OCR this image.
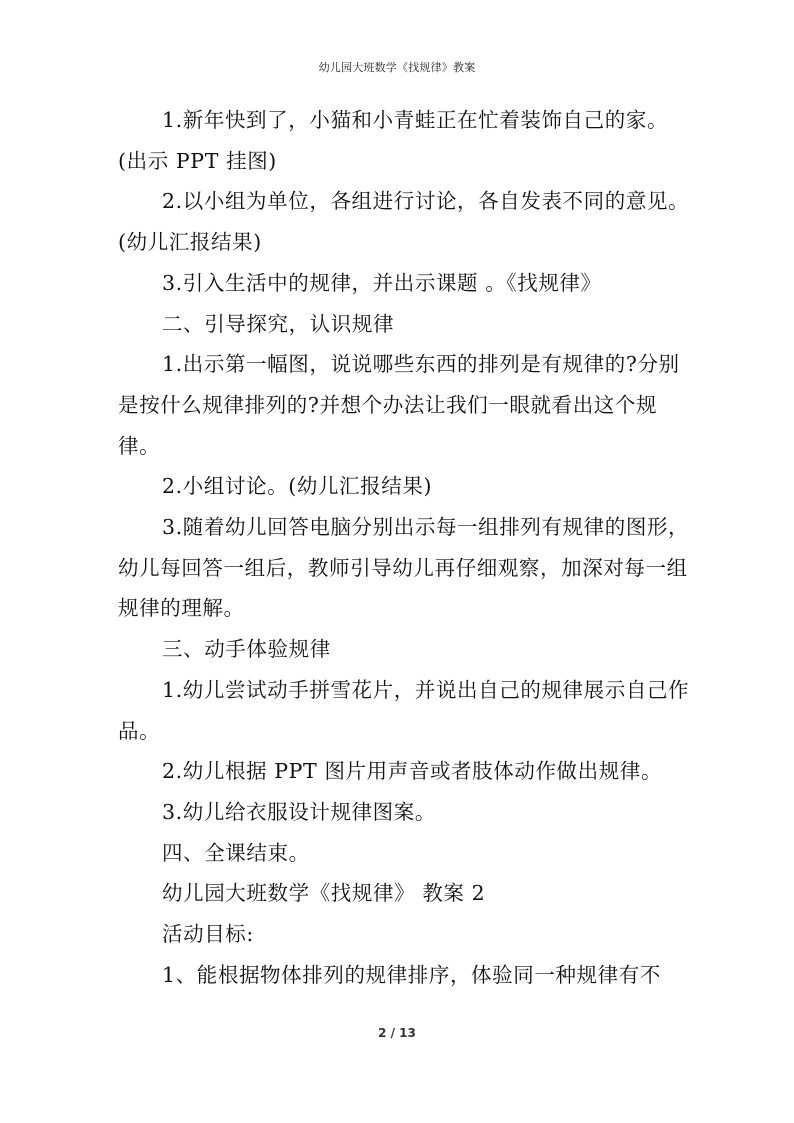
幼儿园大班数学《找规律》教案

1.新年快到了，小猫和小青蛙正在忙着装饰自己的家。(出示 PPT 挂图)

2.以小组为单位，各组进行讨论，各自发表不同的意见。(幼儿汇报结果)

3.引入生活中的规律，并出示课题 。《找规律》

二、引导探究，认识规律

1.出示第一幅图，说说哪些东西的排列是有规律的?分别是按什么规律排列的?并想个办法让我们一眼就看出这个规律。

2.小组讨论。(幼儿汇报结果)

3.随着幼儿回答电脑分别出示每一组排列有规律的图形，幼儿每回答一组后，教师引导幼儿再仔细观察，加深对每一组规律的理解。

三、动手体验规律

1.幼儿尝试动手拼雪花片，并说出自己的规律展示自己作品。

2.幼儿根据 PPT 图片用声音或者肢体动作做出规律。

3.幼儿给衣服设计规律图案。

四、全课结束。

幼儿园大班数学《找规律》 教案 2

活动目标:

1、能根据物体排列的规律排序，体验同一种规律有不

2 / 13
